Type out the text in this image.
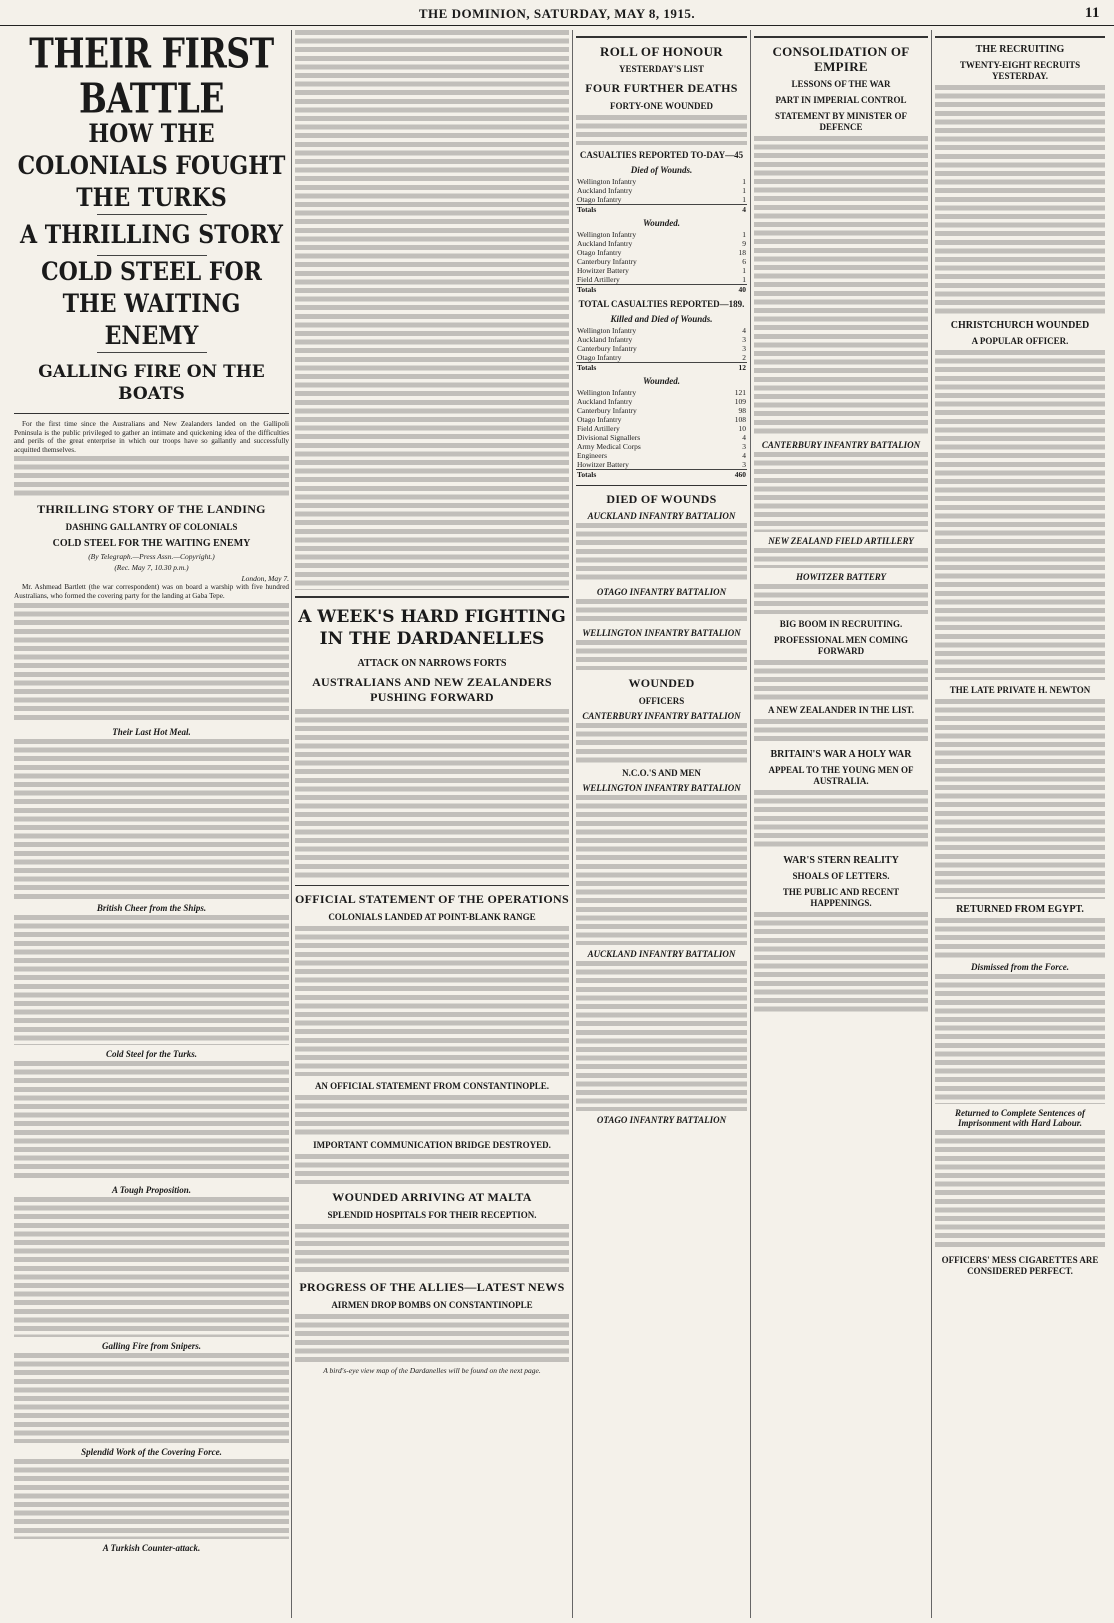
THE DOMINION, SATURDAY, MAY 8, 1915.	11
THEIR FIRST BATTLE
HOW THE COLONIALS FOUGHT THE TURKS
A THRILLING STORY
COLD STEEL FOR THE WAITING ENEMY
GALLING FIRE ON THE BOATS

For the first time since the Australians and New Zealanders landed on the Gallipoli Peninsula is the public privileged to gather an intimate and quickening idea of the difficulties and perils of the great enterprise in which our troops have so gallantly and successfully acquitted themselves.

THRILLING STORY OF THE LANDING
DASHING GALLANTRY OF COLONIALS
COLD STEEL FOR THE WAITING ENEMY
(By Telegraph.—Press Assn.—Copyright.)
(Rec. May 7, 10.30 p.m.)
London, May 7.

Mr. Ashmead Bartlett (the war correspondent) was on board a warship with five hundred Australians, who formed the covering party for the landing at Gaba Tepe.

Their Last Hot Meal.
British Cheer from the Ships.
Cold Steel for the Turks.
A Tough Proposition.
Galling Fire from Snipers.
Splendid Work of the Covering Force.
A Turkish Counter-attack.
A WEEK'S HARD FIGHTING IN THE DARDANELLES
ATTACK ON NARROWS FORTS
AUSTRALIANS AND NEW ZEALANDERS PUSHING FORWARD
OFFICIAL STATEMENT OF THE OPERATIONS
COLONIALS LANDED AT POINT-BLANK RANGE
AN OFFICIAL STATEMENT FROM CONSTANTINOPLE.
IMPORTANT COMMUNICATION BRIDGE DESTROYED.
WOUNDED ARRIVING AT MALTA
SPLENDID HOSPITALS FOR THEIR RECEPTION.
PROGRESS OF THE ALLIES—LATEST NEWS
AIRMEN DROP BOMBS ON CONSTANTINOPLE
A bird's-eye view map of the Dardanelles will be found on the next page.
ROLL OF HONOUR
YESTERDAY'S LIST
FOUR FURTHER DEATHS
FORTY-ONE WOUNDED
CASUALTIES REPORTED TO-DAY—45
Died of Wounds.
Wellington Infantry	1
Auckland Infantry	1
Otago Infantry	1
Totals	4
Wounded.
Wellington Infantry	1
Auckland Infantry	9
Otago Infantry	18
Canterbury Infantry	6
Howitzer Battery	1
Field Artillery	1
Totals	40
TOTAL CASUALTIES REPORTED—189.
Killed and Died of Wounds.
Wellington Infantry	4
Auckland Infantry	3
Canterbury Infantry	3
Otago Infantry	2
Totals	12
Wounded.
Wellington Infantry	121
Auckland Infantry	109
Canterbury Infantry	98
Otago Infantry	108
Field Artillery	10
Divisional Signallers	4
Army Medical Corps	3
Engineers	4
Howitzer Battery	3
Totals	460
DIED OF WOUNDS
AUCKLAND INFANTRY BATTALION
OTAGO INFANTRY BATTALION
WELLINGTON INFANTRY BATTALION
WOUNDED
OFFICERS
CANTERBURY INFANTRY BATTALION
N.C.O.'S AND MEN
WELLINGTON INFANTRY BATTALION
AUCKLAND INFANTRY BATTALION
OTAGO INFANTRY BATTALION
CONSOLIDATION OF EMPIRE
LESSONS OF THE WAR
PART IN IMPERIAL CONTROL
STATEMENT BY MINISTER OF DEFENCE
CANTERBURY INFANTRY BATTALION
NEW ZEALAND FIELD ARTILLERY
HOWITZER BATTERY
BIG BOOM IN RECRUITING.
PROFESSIONAL MEN COMING FORWARD
A NEW ZEALANDER IN THE LIST.
BRITAIN'S WAR A HOLY WAR
APPEAL TO THE YOUNG MEN OF AUSTRALIA.
WAR'S STERN REALITY
SHOALS OF LETTERS.
THE PUBLIC AND RECENT HAPPENINGS.
THE RECRUITING
TWENTY-EIGHT RECRUITS YESTERDAY.
CHRISTCHURCH WOUNDED
A POPULAR OFFICER.
THE LATE PRIVATE H. NEWTON
RETURNED FROM EGYPT.
Dismissed from the Force.
Returned to Complete Sentences of Imprisonment with Hard Labour.
OFFICERS' MESS CIGARETTES ARE CONSIDERED PERFECT.
